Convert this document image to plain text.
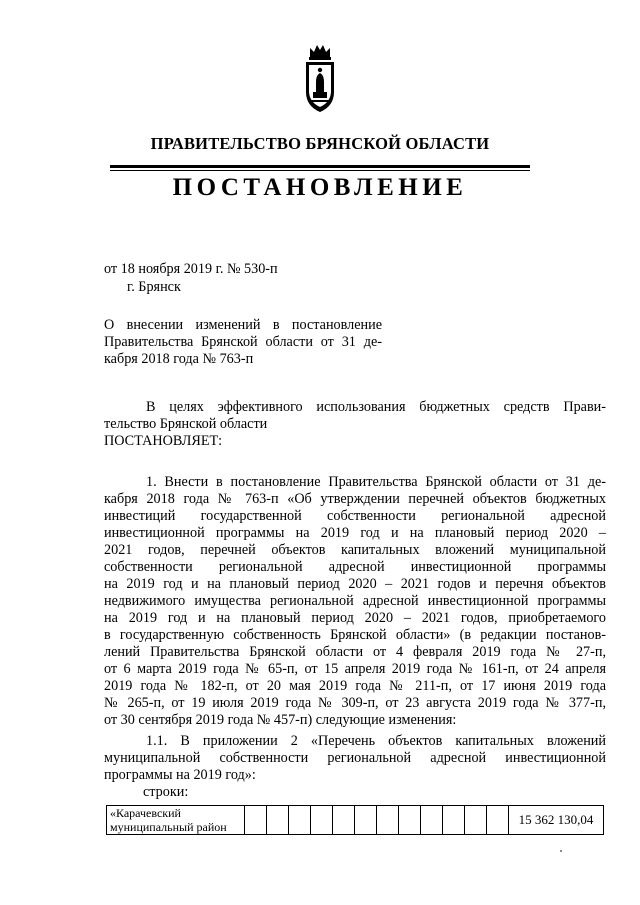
ПРАВИТЕЛЬСТВО БРЯНСКОЙ ОБЛАСТИ
ПОСТАНОВЛЕНИЕ
от 18 ноября 2019 г. № 530-п
г. Брянск
О внесении изменений в постановление
Правительства Брянской области от 31 де-
кабря 2018 года № 763-п
В целях эффективного использования бюджетных средств Прави-
тельство Брянской области
ПОСТАНОВЛЯЕТ:
1. Внести в постановление Правительства Брянской области от 31 де-
кабря 2018 года № 763-п «Об утверждении перечней объектов бюджетных
инвестиций государственной собственности региональной адресной
инвестиционной программы на 2019 год и на плановый период 2020 –
2021 годов, перечней объектов капитальных вложений муниципальной
собственности региональной адресной инвестиционной программы
на 2019 год и на плановый период 2020 – 2021 годов и перечня объектов
недвижимого имущества региональной адресной инвестиционной программы
на 2019 год и на плановый период 2020 – 2021 годов, приобретаемого
в государственную собственность Брянской области» (в редакции постанов-
лений Правительства Брянской области от 4 февраля 2019 года № 27-п,
от 6 марта 2019 года № 65-п, от 15 апреля 2019 года № 161-п, от 24 апреля
2019 года № 182-п, от 20 мая 2019 года № 211-п, от 17 июня 2019 года
№ 265-п, от 19 июля 2019 года № 309-п, от 23 августа 2019 года № 377-п,
от 30 сентября 2019 года № 457-п) следующие изменения:
1.1. В приложении 2 «Перечень объектов капитальных вложений
муниципальной собственности региональной адресной инвестиционной
программы на 2019 год»:
строки:
«Карачевский муниципальный район													15 362 130,04
